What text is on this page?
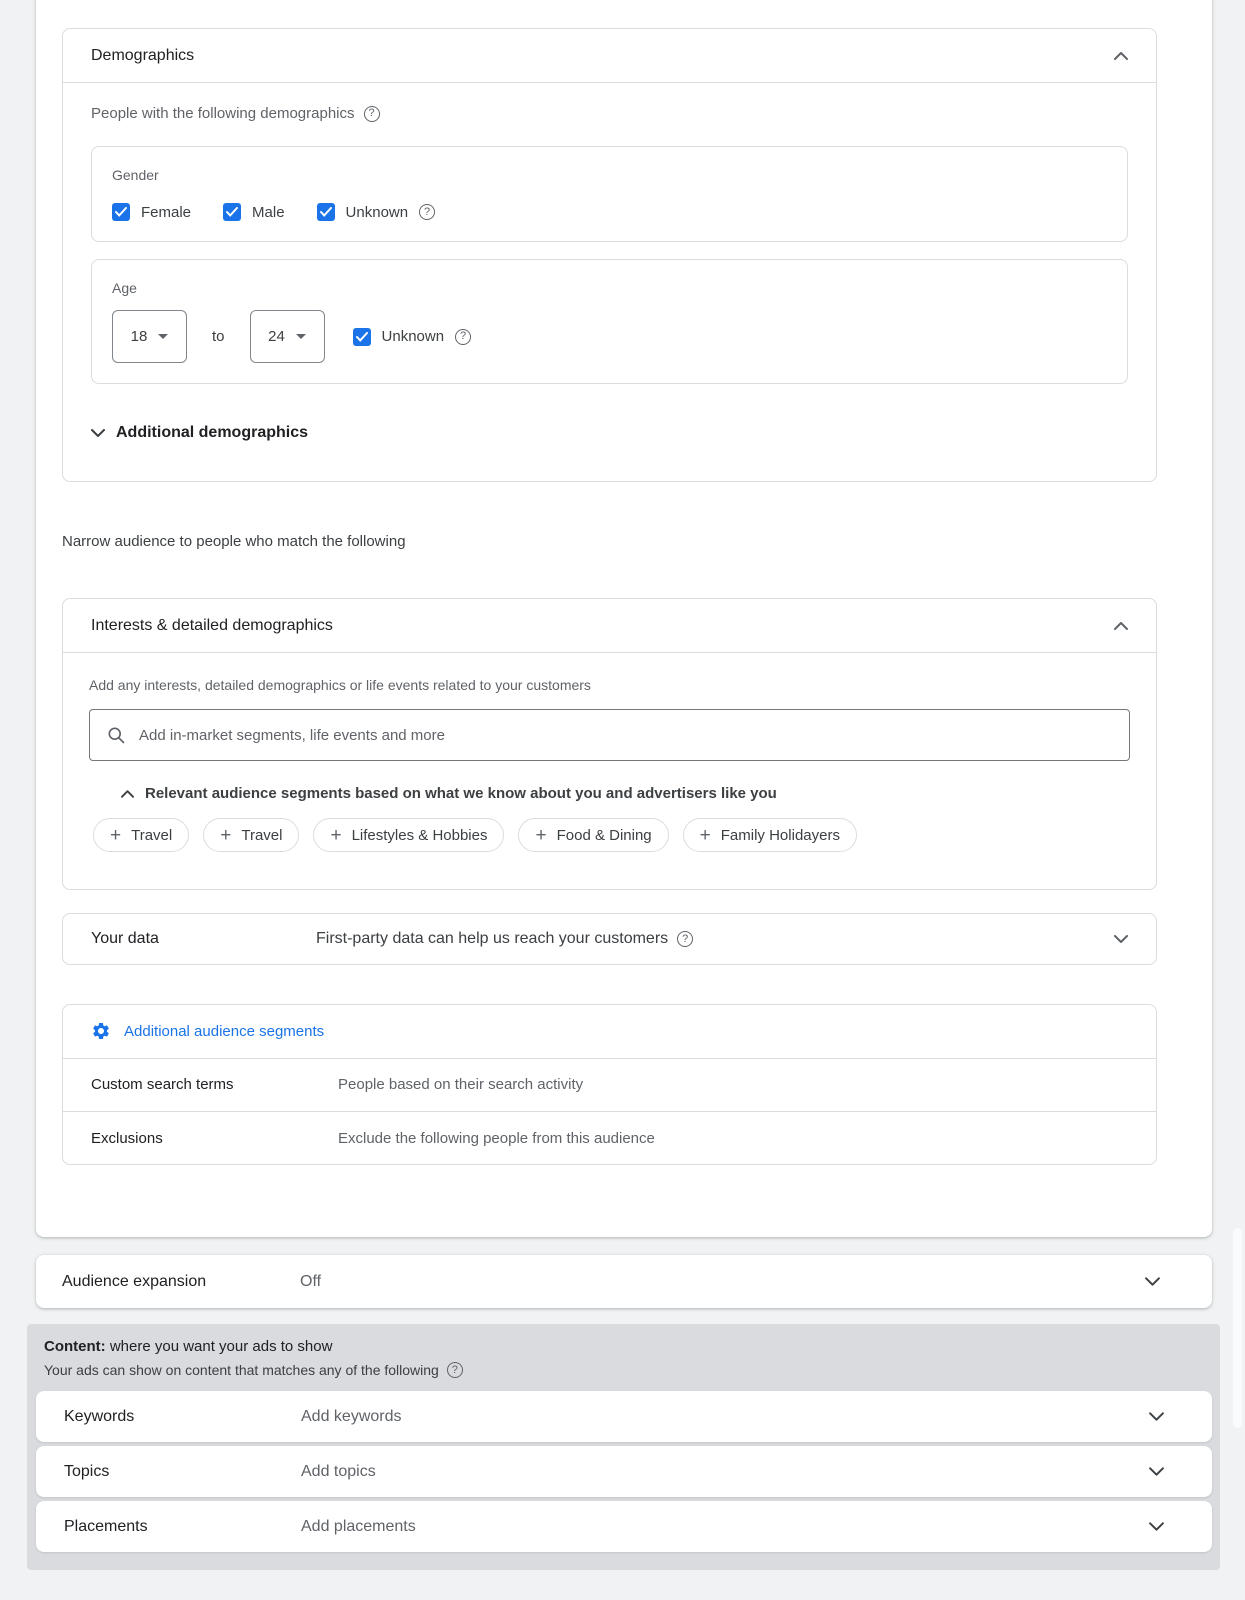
Demographics
People with the following demographics
?
Gender
Female	Male	Unknown
?
Age
18	to	24	Unknown
?
Additional demographics
Narrow audience to people who match the following
Interests & detailed demographics
Add any interests, detailed demographics or life events related to your customers
Add in-market segments, life events and more
Relevant audience segments based on what we know about you and advertisers like you
+ Travel	+ Travel	+ Lifestyles & Hobbies	+ Food & Dining	+ Family Holidayers
Your data	First-party data can help us reach your customers
?
Additional audience segments
Custom search terms	People based on their search activity
Exclusions	Exclude the following people from this audience
Audience expansion	Off
Content: where you want your ads to show
Your ads can show on content that matches any of the following
?
Keywords	Add keywords
Topics	Add topics
Placements	Add placements
